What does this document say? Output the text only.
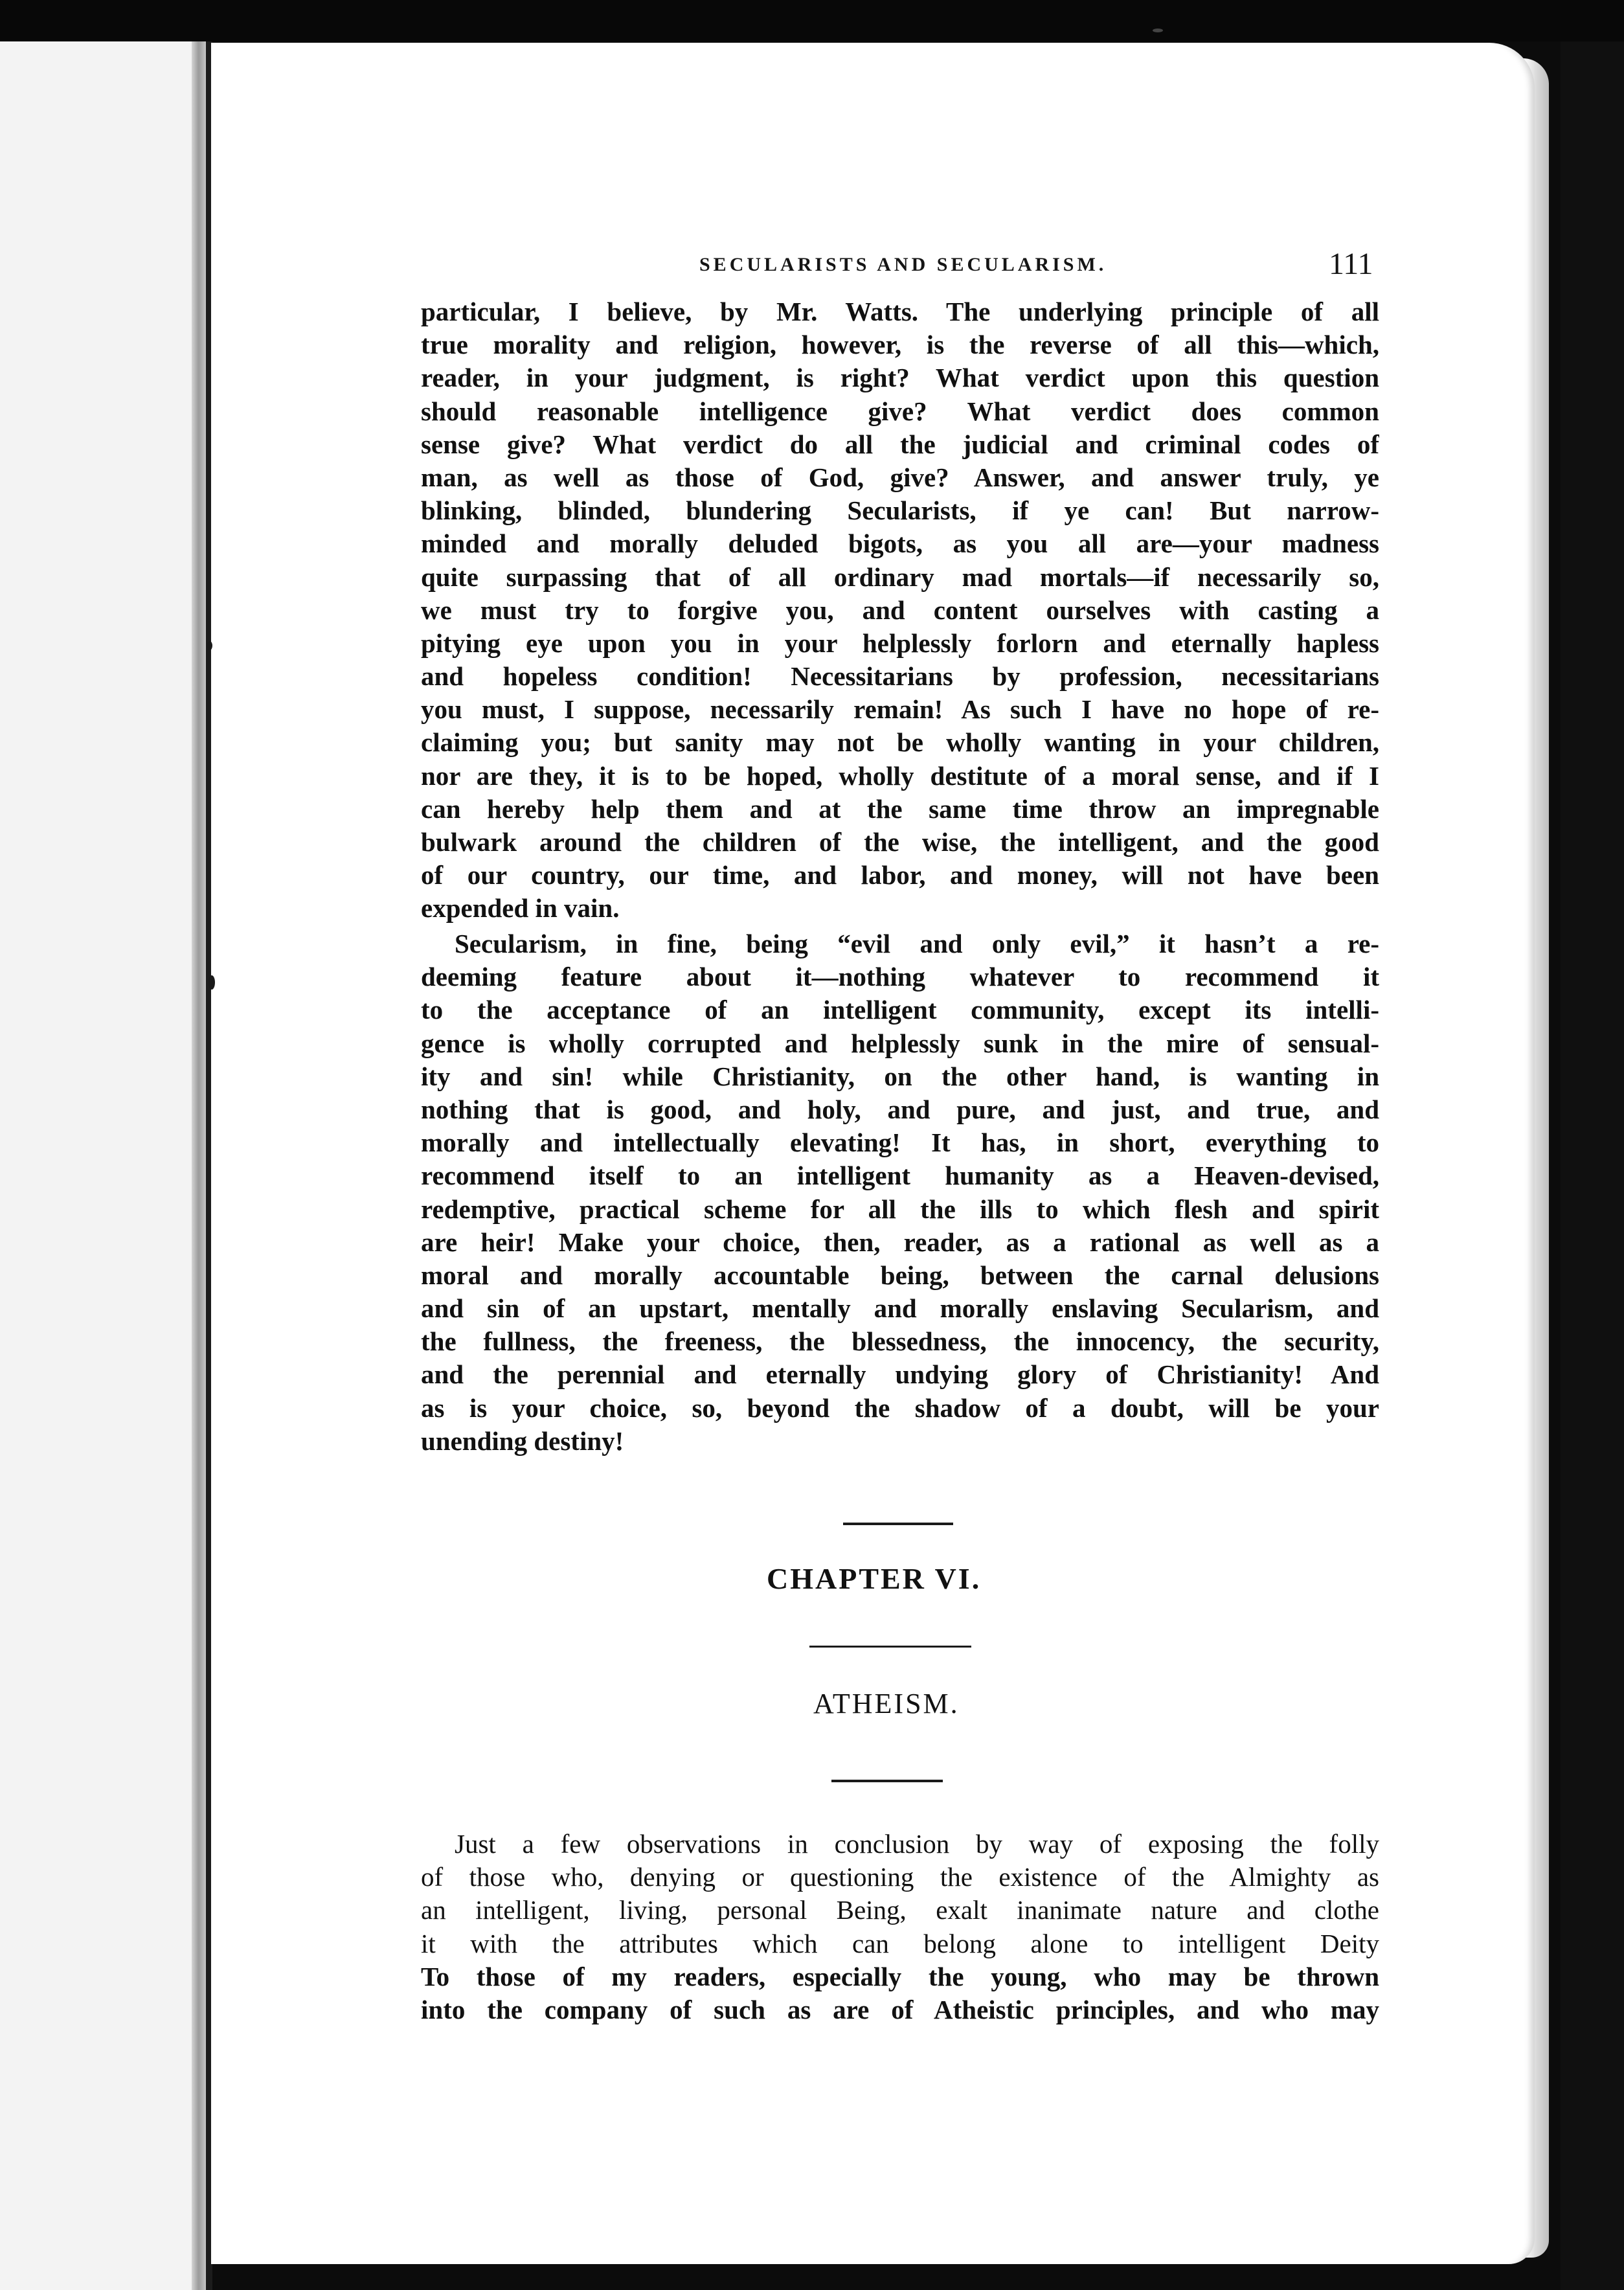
SECULARISTS AND SECULARISM.	111
particular, I believe, by Mr. Watts. The underlying principle of all
true morality and religion, however, is the reverse of all this—which,
reader, in your judgment, is right? What verdict upon this question
should reasonable intelligence give? What verdict does common
sense give? What verdict do all the judicial and criminal codes of
man, as well as those of God, give? Answer, and answer truly, ye
blinking, blinded, blundering Secularists, if ye can! But narrow-
minded and morally deluded bigots, as you all are—your madness
quite surpassing that of all ordinary mad mortals—if necessarily so,
we must try to forgive you, and content ourselves with casting a
pitying eye upon you in your helplessly forlorn and eternally hapless
and hopeless condition! Necessitarians by profession, necessitarians
you must, I suppose, necessarily remain! As such I have no hope of re-
claiming you; but sanity may not be wholly wanting in your children,
nor are they, it is to be hoped, wholly destitute of a moral sense, and if I
can hereby help them and at the same time throw an impregnable
bulwark around the children of the wise, the intelligent, and the good
of our country, our time, and labor, and money, will not have been
expended in vain.
Secularism, in fine, being “evil and only evil,” it hasn’t a re-
deeming feature about it—nothing whatever to recommend it
to the acceptance of an intelligent community, except its intelli-
gence is wholly corrupted and helplessly sunk in the mire of sensual-
ity and sin! while Christianity, on the other hand, is wanting in
nothing that is good, and holy, and pure, and just, and true, and
morally and intellectually elevating! It has, in short, everything to
recommend itself to an intelligent humanity as a Heaven-devised,
redemptive, practical scheme for all the ills to which flesh and spirit
are heir! Make your choice, then, reader, as a rational as well as a
moral and morally accountable being, between the carnal delusions
and sin of an upstart, mentally and morally enslaving Secularism, and
the fullness, the freeness, the blessedness, the innocency, the security,
and the perennial and eternally undying glory of Christianity! And
as is your choice, so, beyond the shadow of a doubt, will be your
unending destiny!
CHAPTER VI.
ATHEISM.
Just a few observations in conclusion by way of exposing the folly
of those who, denying or questioning the existence of the Almighty as
an intelligent, living, personal Being, exalt inanimate nature and clothe
it with the attributes which can belong alone to intelligent Deity
To those of my readers, especially the young, who may be thrown
into the company of such as are of Atheistic principles, and who may
